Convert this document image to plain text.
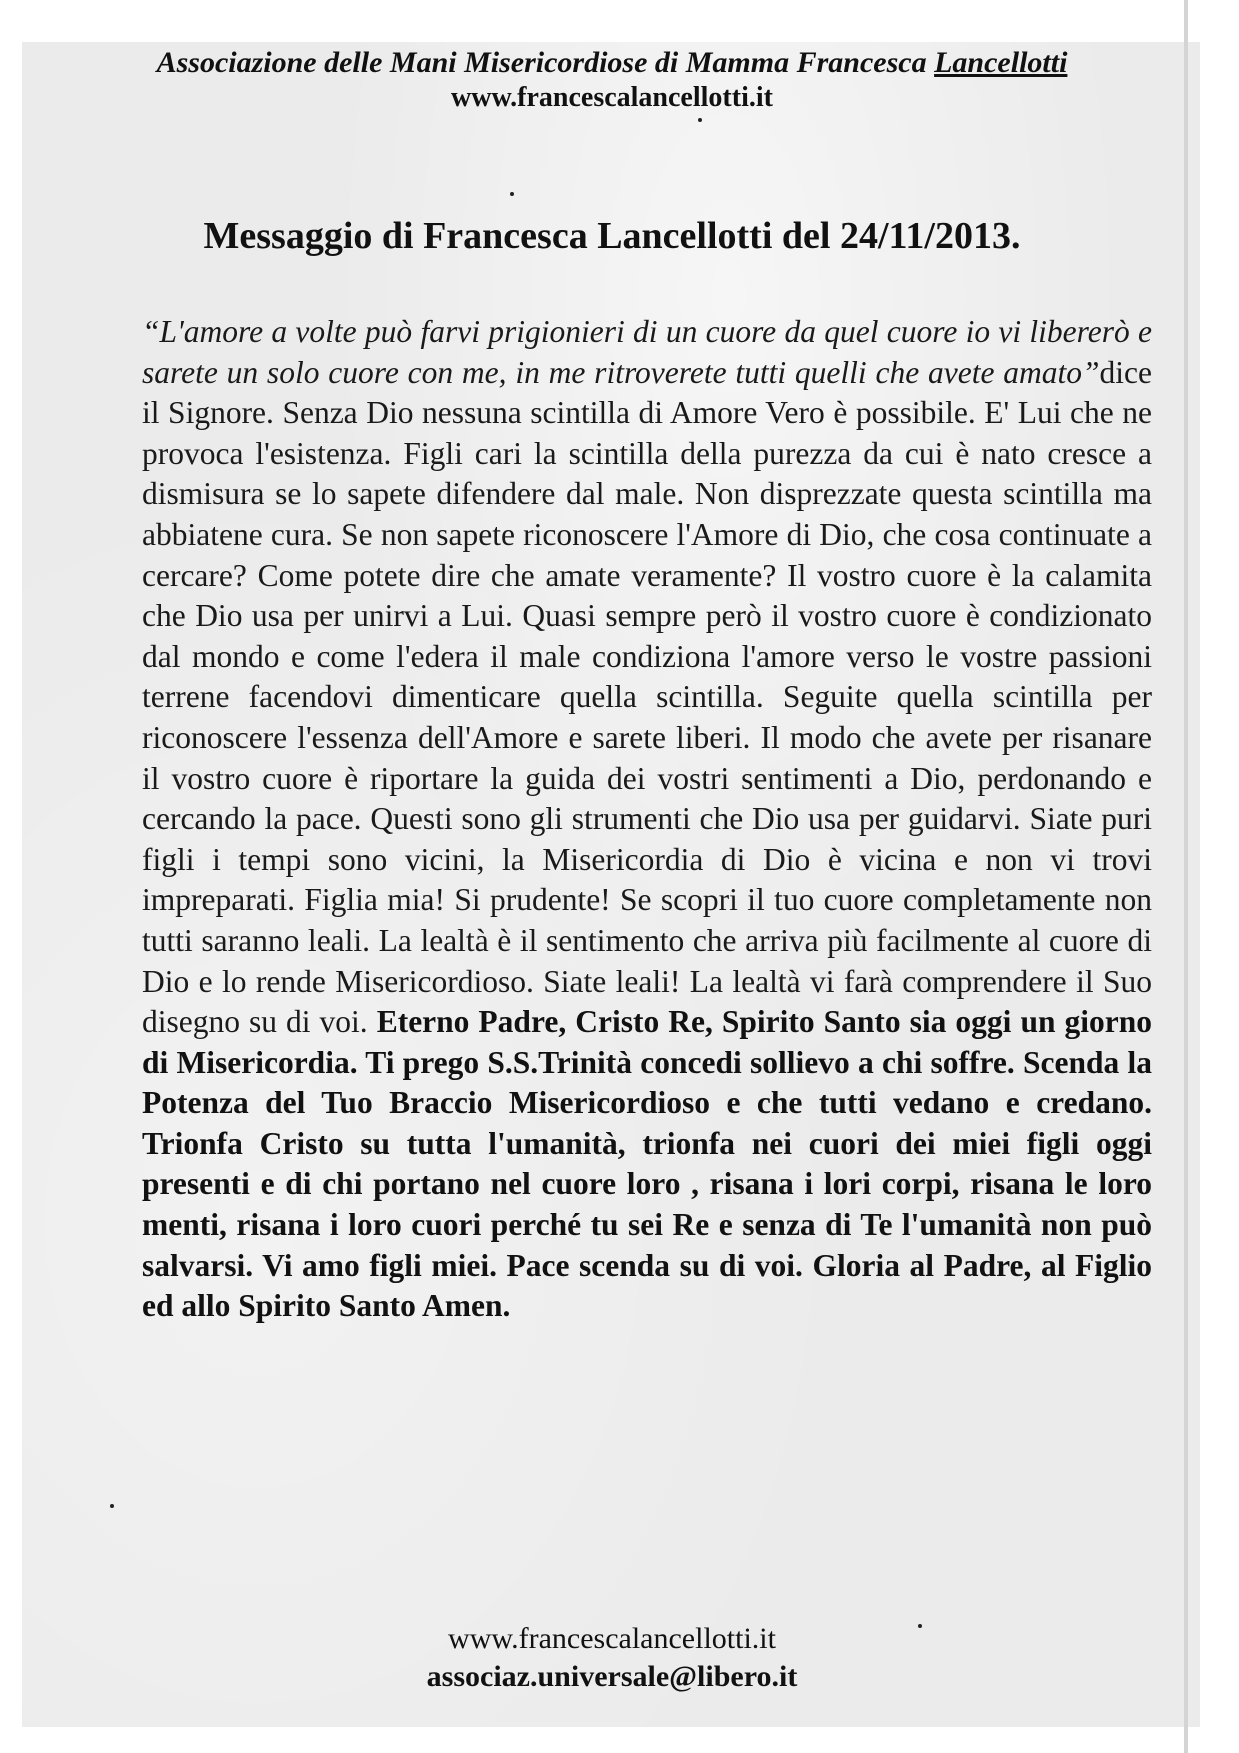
Associazione delle Mani Misericordiose di Mamma Francesca Lancellotti
www.francescalancellotti.it
Messaggio di Francesca Lancellotti del 24/11/2013.
“L'amore a volte può farvi prigionieri di un cuore da quel cuore io vi libererò e sarete un solo cuore con me, in me ritroverete tutti quelli che avete amato”dice il Signore. Senza Dio nessuna scintilla di Amore Vero è possibile. E' Lui che ne provoca l'esistenza. Figli cari la scintilla della purezza da cui è nato cresce a dismisura se lo sapete difendere dal male. Non disprezzate questa scintilla ma abbiatene cura. Se non sapete riconoscere l'Amore di Dio, che cosa continuate a cercare? Come potete dire che amate veramente? Il vostro cuore è la calamita che Dio usa per unirvi a Lui. Quasi sempre però il vostro cuore è condizionato dal mondo e come l'edera il male condiziona l'amore verso le vostre passioni terrene facendovi dimenticare quella scintilla. Seguite quella scintilla per riconoscere l'essenza dell'Amore e sarete liberi. Il modo che avete per risanare il vostro cuore è riportare la guida dei vostri sentimenti a Dio, perdonando e cercando la pace. Questi sono gli strumenti che Dio usa per guidarvi. Siate puri figli i tempi sono vicini, la Misericordia di Dio è vicina e non vi trovi impreparati. Figlia mia! Si prudente! Se scopri il tuo cuore completamente non tutti saranno leali. La lealtà è il sentimento che arriva più facilmente al cuore di Dio e lo rende Misericordioso. Siate leali! La lealtà vi farà comprendere il Suo disegno su di voi. Eterno Padre, Cristo Re, Spirito Santo sia oggi un giorno di Misericordia. Ti prego S.S.Trinità concedi sollievo a chi soffre. Scenda la Potenza del Tuo Braccio Misericordioso e che tutti vedano e credano. Trionfa Cristo su tutta l'umanità, trionfa nei cuori dei miei figli oggi presenti e di chi portano nel cuore loro , risana i lori corpi, risana le loro menti, risana i loro cuori perché tu sei Re e senza di Te l'umanità non può salvarsi. Vi amo figli miei. Pace scenda su di voi. Gloria al Padre, al Figlio ed allo Spirito Santo Amen.
www.francescalancellotti.it
associaz.universale@libero.it
